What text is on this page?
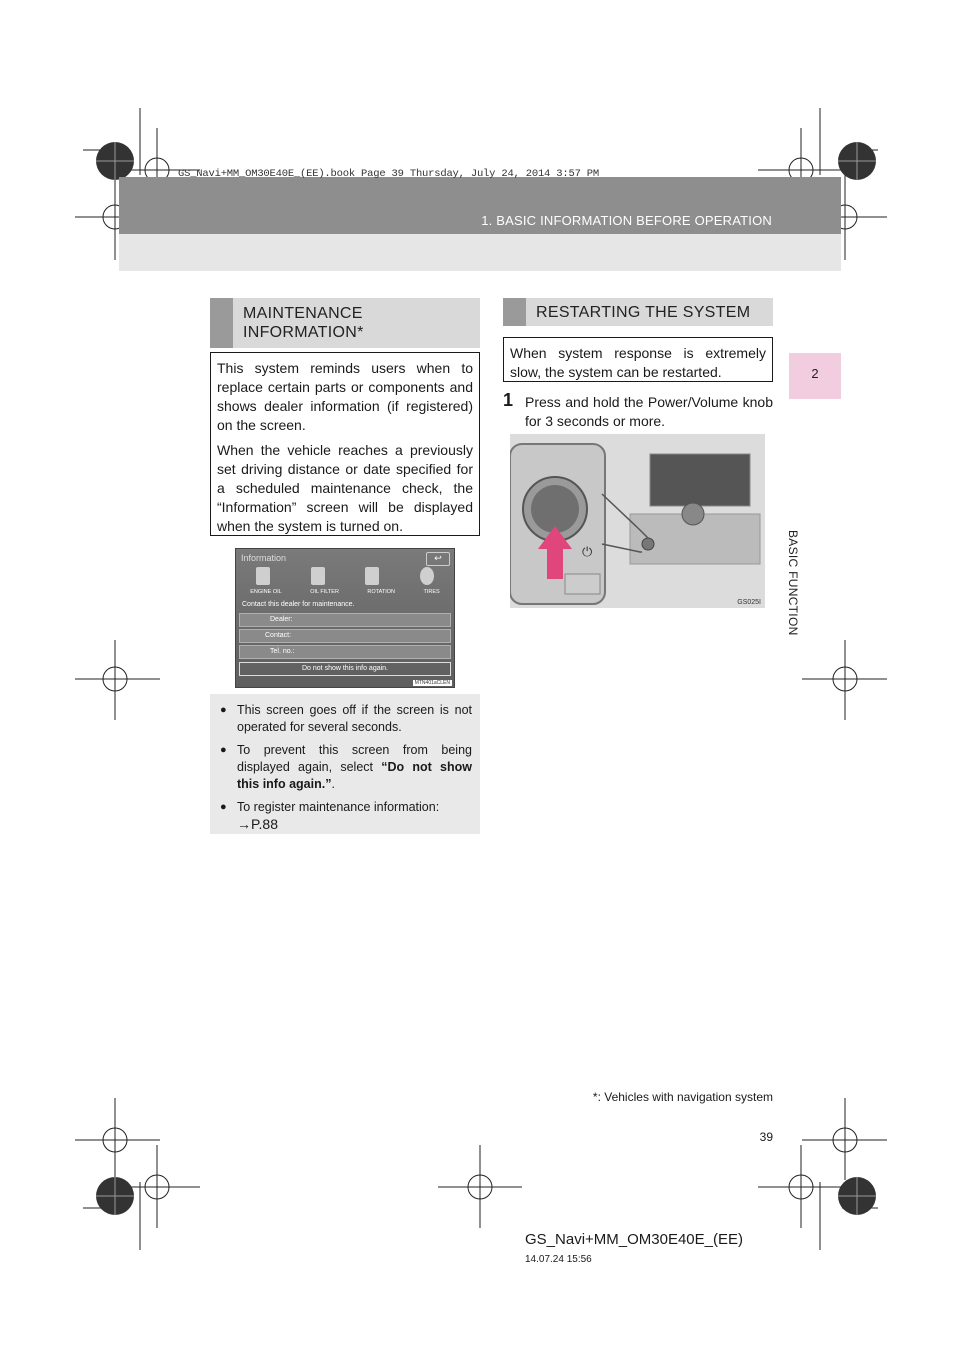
GS_Navi+MM_OM30E40E_(EE).book Page 39 Thursday, July 24, 2014 3:57 PM
1. BASIC INFORMATION BEFORE OPERATION
2
BASIC FUNCTION
MAINTENANCE
INFORMATION*

This system reminds users when to replace certain parts or components and shows dealer information (if registered) on the screen.

When the vehicle reaches a previously set driving distance or date specified for a scheduled maintenance check, the “Information” screen will be displayed when the system is turned on.

Information	↩
ENGINE OIL	OIL FILTER	ROTATION	TIRES
Contact this dealer for maintenance.
Dealer:
Contact:
Tel. no.:
Do not show this info again.
MTN401aCLEN
● This screen goes off if the screen is not operated for several seconds.
● To prevent this screen from being displayed again, select “Do not show this info again.”.
● To register maintenance information:
→P.88
RESTARTING THE SYSTEM
When system response is extremely slow, the system can be restarted.
1 Press and hold the Power/Volume knob for 3 seconds or more.
⏻
GS025I
*: Vehicles with navigation system
39
GS_Navi+MM_OM30E40E_(EE)
14.07.24 15:56
